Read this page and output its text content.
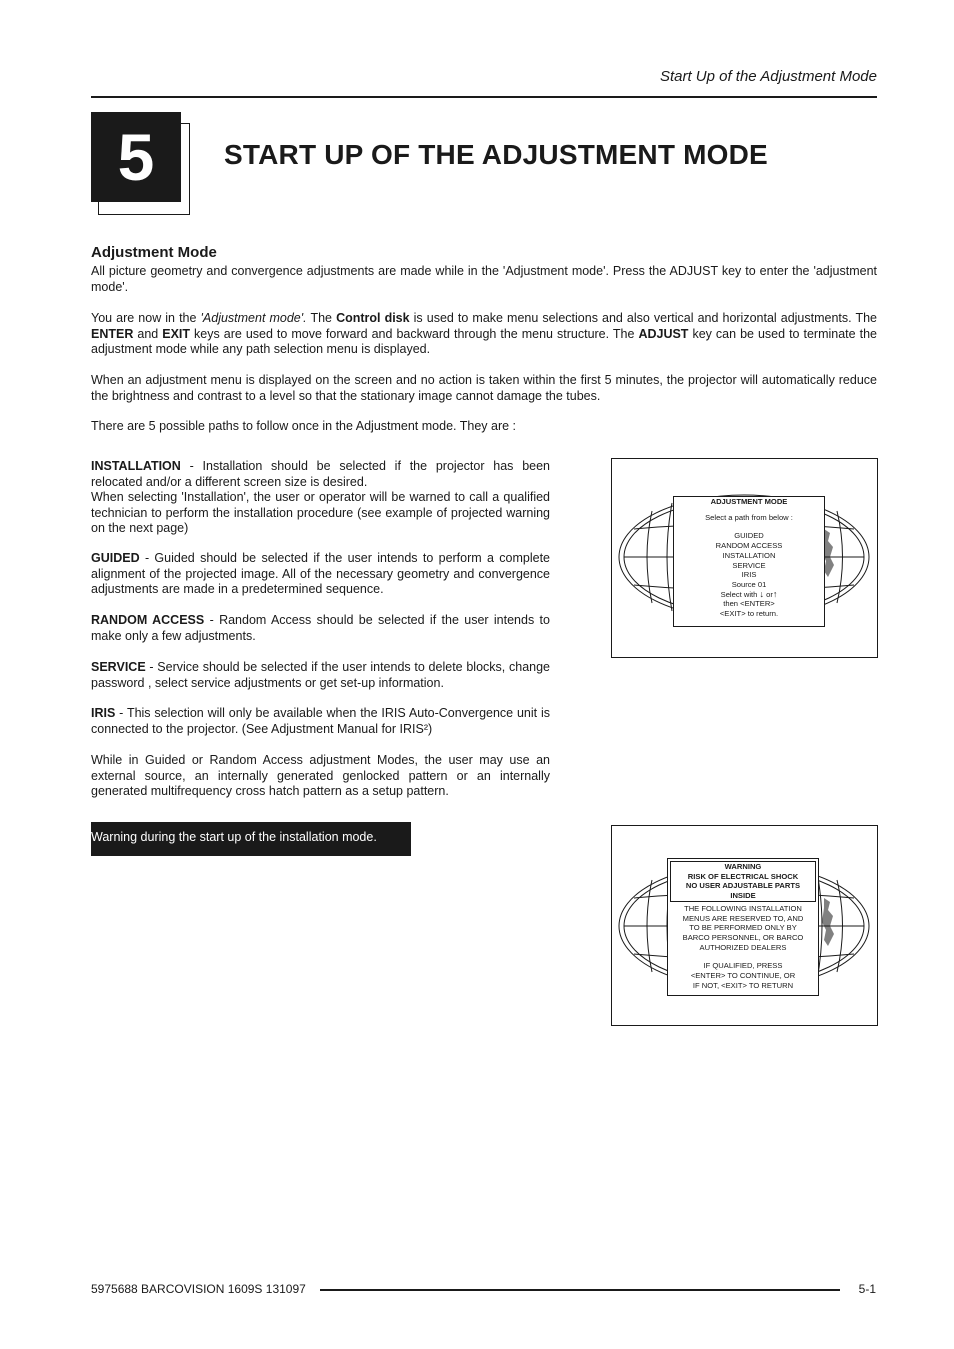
Start Up of the Adjustment Mode
5	START UP OF THE ADJUSTMENT MODE
Adjustment Mode
All picture geometry and convergence adjustments are made while in the 'Adjustment mode'. Press the ADJUST key to enter the 'adjustment mode'.
You are now in the 'Adjustment mode'. The Control disk is used to make menu selections and also vertical and horizontal adjustments. The ENTER and EXIT keys are used to move forward and backward through the menu structure. The ADJUST key can be used to terminate the adjustment mode while any path selection menu is displayed.
When an adjustment menu is displayed on the screen and no action is taken within the first 5 minutes, the projector will automatically reduce the brightness and contrast to a level so that the stationary image cannot damage the tubes.
There are 5 possible paths to follow once in the Adjustment mode. They are :
INSTALLATION - Installation should be selected if the projector has been relocated and/or a different screen size is desired.
When selecting 'Installation', the user or operator will be warned to call a qualified technician to perform the installation procedure (see example of projected warning on the next page)
GUIDED - Guided should be selected if the user intends to perform a complete alignment of the projected image. All of the necessary geometry and convergence adjustments are made in a predetermined sequence.
RANDOM ACCESS - Random Access should be selected if the user intends to make only a few adjustments.
SERVICE - Service should be selected if the user intends to delete blocks, change password , select service adjustments or get set-up information.
IRIS - This selection will only be available when the IRIS Auto-Convergence unit is connected to the projector. (See Adjustment Manual for IRIS²)
While in Guided or Random Access adjustment Modes, the user may use an external source, an internally generated genlocked pattern or an internally generated multifrequency cross hatch pattern as a setup pattern.
Warning during the start up of the installation mode.
ADJUSTMENT MODE
Select a path from below :
GUIDED
RANDOM ACCESS
INSTALLATION
SERVICE
IRIS
Source 01
Select with ↓ or↑
then <ENTER>
<EXIT> to return.
WARNING
RISK OF ELECTRICAL SHOCK
NO USER ADJUSTABLE PARTS
INSIDE
THE FOLLOWING INSTALLATION
MENUS ARE RESERVED TO, AND
TO BE PERFORMED ONLY BY
BARCO PERSONNEL, OR BARCO
AUTHORIZED DEALERS
IF QUALIFIED, PRESS
<ENTER> TO CONTINUE, OR
IF NOT, <EXIT> TO RETURN
5975688 BARCOVISION 1609S 131097	5-1
